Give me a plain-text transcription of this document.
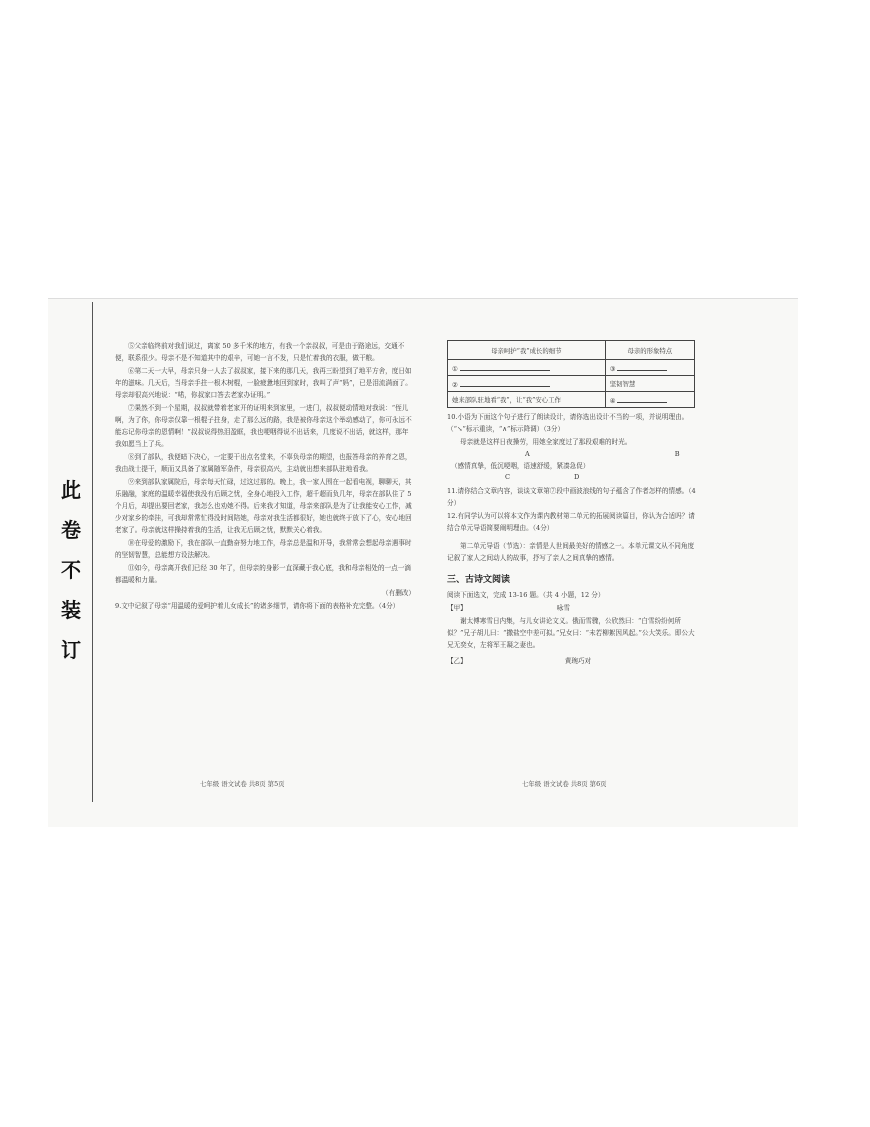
此
卷
不
装
订

⑤父亲临终前对我们说过，离家 50 多千米的地方，有我一个亲叔叔，可是由于路途远，交通不便，联系很少。母亲不是不知道其中的艰辛，可她一言不发，只是忙着我的衣服，做干粮。

⑥第二天一大早，母亲只身一人去了叔叔家，接下来的那几天，我再三盼望到了地平方舍，度日如年的滋味。几天后，当母亲手拄一根木树棍，一脸疲惫地回到家时，我叫了声“妈”，已是泪流满面了。母亲却很高兴地说：“喏，你叔家口答去老家办证明。”

⑦果然不到一个星期，叔叔就带着老家开的证明来到家里，一进门，叔叔便动情地对我说：“侄儿啊，为了你，你母亲仅靠一根棍子拄身，走了那么远的路，我是被你母亲这个举动感动了，你可永远不能忘记你母亲的恩情啊！”叔叔说得热泪盈眶，我也哽咽得说不出话来，几度说不出话，就这样，那年我如愿当上了兵。

⑧到了部队，我便暗下决心，一定要干出点名堂来，不辜负母亲的期望，也报答母亲的养育之恩，我由战士提干，顺而又具备了家属随军条件，母亲很高兴，主动就出想来部队驻地看我。

⑨来到部队家属院后，母亲每天忙碌，过这过那的。晚上，我一家人围在一起看电视，聊聊天，其乐融融，家庭的温暖幸福使我没有后顾之忧，全身心地投入工作，超千超而负几年，母亲在部队住了 5 个月后，却提出要回老家，我怎么也劝她不得。后来我才知道，母亲来部队是为了让我能安心工作，减少对家乡的牵挂，可我却常常忙得没时间陪她，母亲对我生活都很好，她也就终于放下了心，安心地回老家了。母亲就这样操持着我的生活，让我无后顾之忧，默默关心着我。

⑩在母爱的激励下，我在部队一直勤奋努力地工作，母亲总是温和开导，我常常会想起母亲遇事时的坚韧智慧，总能想方设法解决。

⑪如今，母亲离开我们已经 30 年了，但母亲的身影一直深藏于我心底，我和母亲相处的一点一滴都温暖和力量。

（有删改）

9.文中记叙了母亲“用温暖的爱呵护着儿女成长”的诸多细节，请你将下面的表格补充完整。（4分）

七年级 语文试卷 共8页 第5页
母亲呵护“我”成长的细节	母亲的形象特点
①	③
②	坚韧智慧
她来部队驻地看“我”，让“我”安心工作	④

10.小语为下面这个句子进行了朗读设计，请你选出设计不当的一项，并说明理由。（“↘”标示重读，“∧”标示降调）（3分）

母亲就是这样日夜操劳，用她全家度过了那段艰难的时光。

A	B

（感情真挚，低沉哽咽，语速舒缓，紧凑急促）

C	D

11.请你结合文章内容，谈谈文章第⑦段中画波浪线的句子蕴含了作者怎样的情感。（4分）

12.有同学认为可以将本文作为课内教材第二单元的拓展阅读篇目，你认为合适吗？请结合单元导语简要阐明理由。（4分）

第二单元导语（节选）：亲情是人世间最美好的情感之一。本单元课文从不同角度记叙了家人之间动人的故事，抒写了亲人之间真挚的感情。

三、古诗文阅读

阅读下面选文，完成 13-16 题。（共 4 小题，12 分）

【甲】	咏雪

谢太傅寒雪日内集，与儿女讲论文义。俄而雪骤，公欣然曰：“白雪纷纷何所似？”兄子胡儿曰：“撒盐空中差可拟。”兄女曰：“未若柳絮因风起。”公大笑乐。即公大兄无奕女，左将军王凝之妻也。

【乙】	黄琬巧对
七年级 语文试卷 共8页 第6页
